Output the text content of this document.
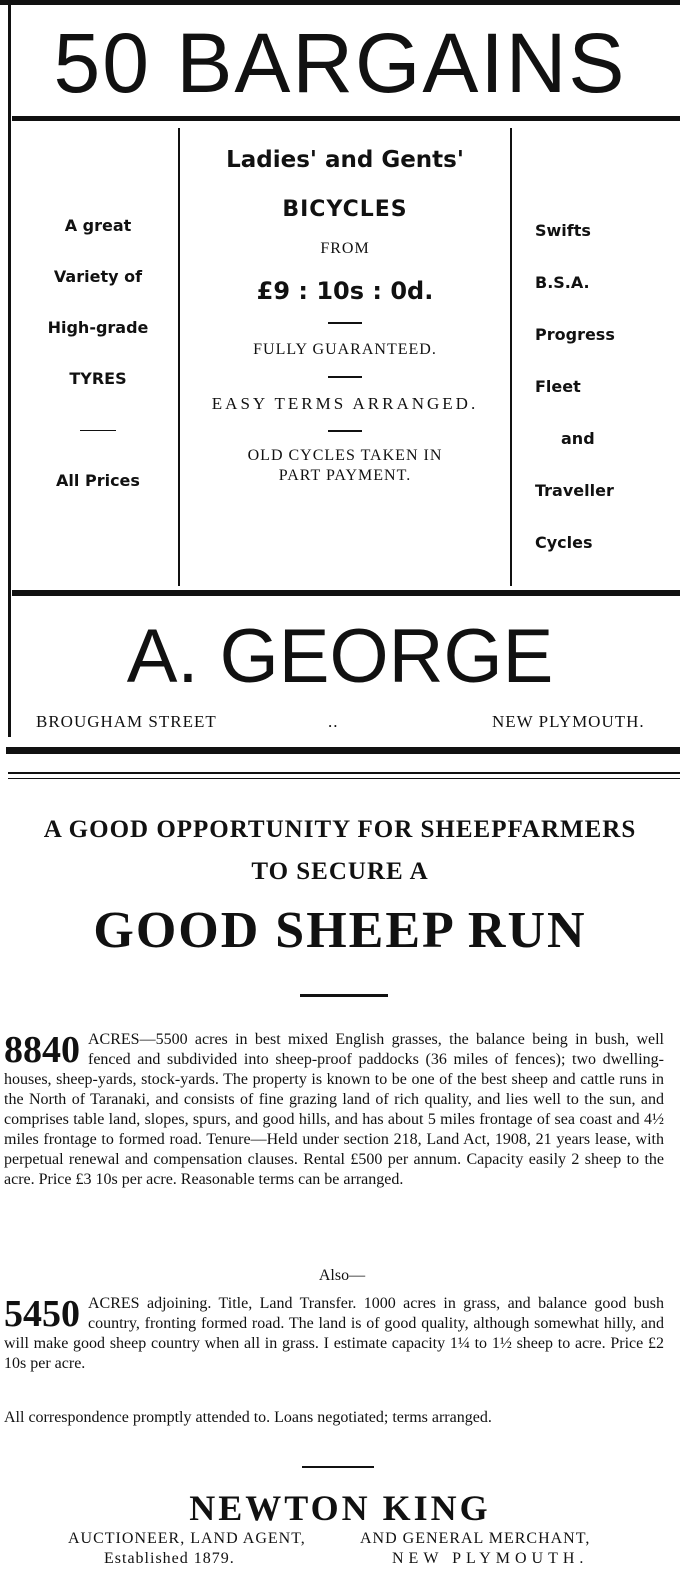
50 BARGAINS
A great
Variety of
High-grade
TYRES
All Prices
Ladies' and Gents'
BICYCLES
FROM
£9 : 10s : 0d.
FULLY GUARANTEED.
EASY TERMS ARRANGED.
OLD CYCLES TAKEN IN
PART PAYMENT.
Swifts
B.S.A.
Progress
Fleet
and
Traveller
Cycles
A. GEORGE
BROUGHAM STREET	..	NEW PLYMOUTH.
A GOOD OPPORTUNITY FOR SHEEPFARMERS
TO SECURE A
GOOD SHEEP RUN
8840 ACRES—5500 acres in best mixed English grasses, the balance being in bush, well fenced and subdivided into sheep-proof paddocks (36 miles of fences); two dwelling-houses, sheep-yards, stock-yards. The property is known to be one of the best sheep and cattle runs in the North of Taranaki, and consists of fine grazing land of rich quality, and lies well to the sun, and comprises table land, slopes, spurs, and good hills, and has about 5 miles frontage of sea coast and 4½ miles frontage to formed road. Tenure—Held under section 218, Land Act, 1908, 21 years lease, with perpetual renewal and compensation clauses. Rental £500 per annum. Capacity easily 2 sheep to the acre. Price £3 10s per acre. Reasonable terms can be arranged.
Also—
5450 ACRES adjoining. Title, Land Transfer. 1000 acres in grass, and balance good bush country, fronting formed road. The land is of good quality, although somewhat hilly, and will make good sheep country when all in grass. I estimate capacity 1¼ to 1½ sheep to acre. Price £2 10s per acre.
All correspondence promptly attended to. Loans negotiated; terms arranged.
NEWTON KING
AUCTIONEER, LAND AGENT,	AND GENERAL MERCHANT,
Established 1879.	NEW PLYMOUTH.
